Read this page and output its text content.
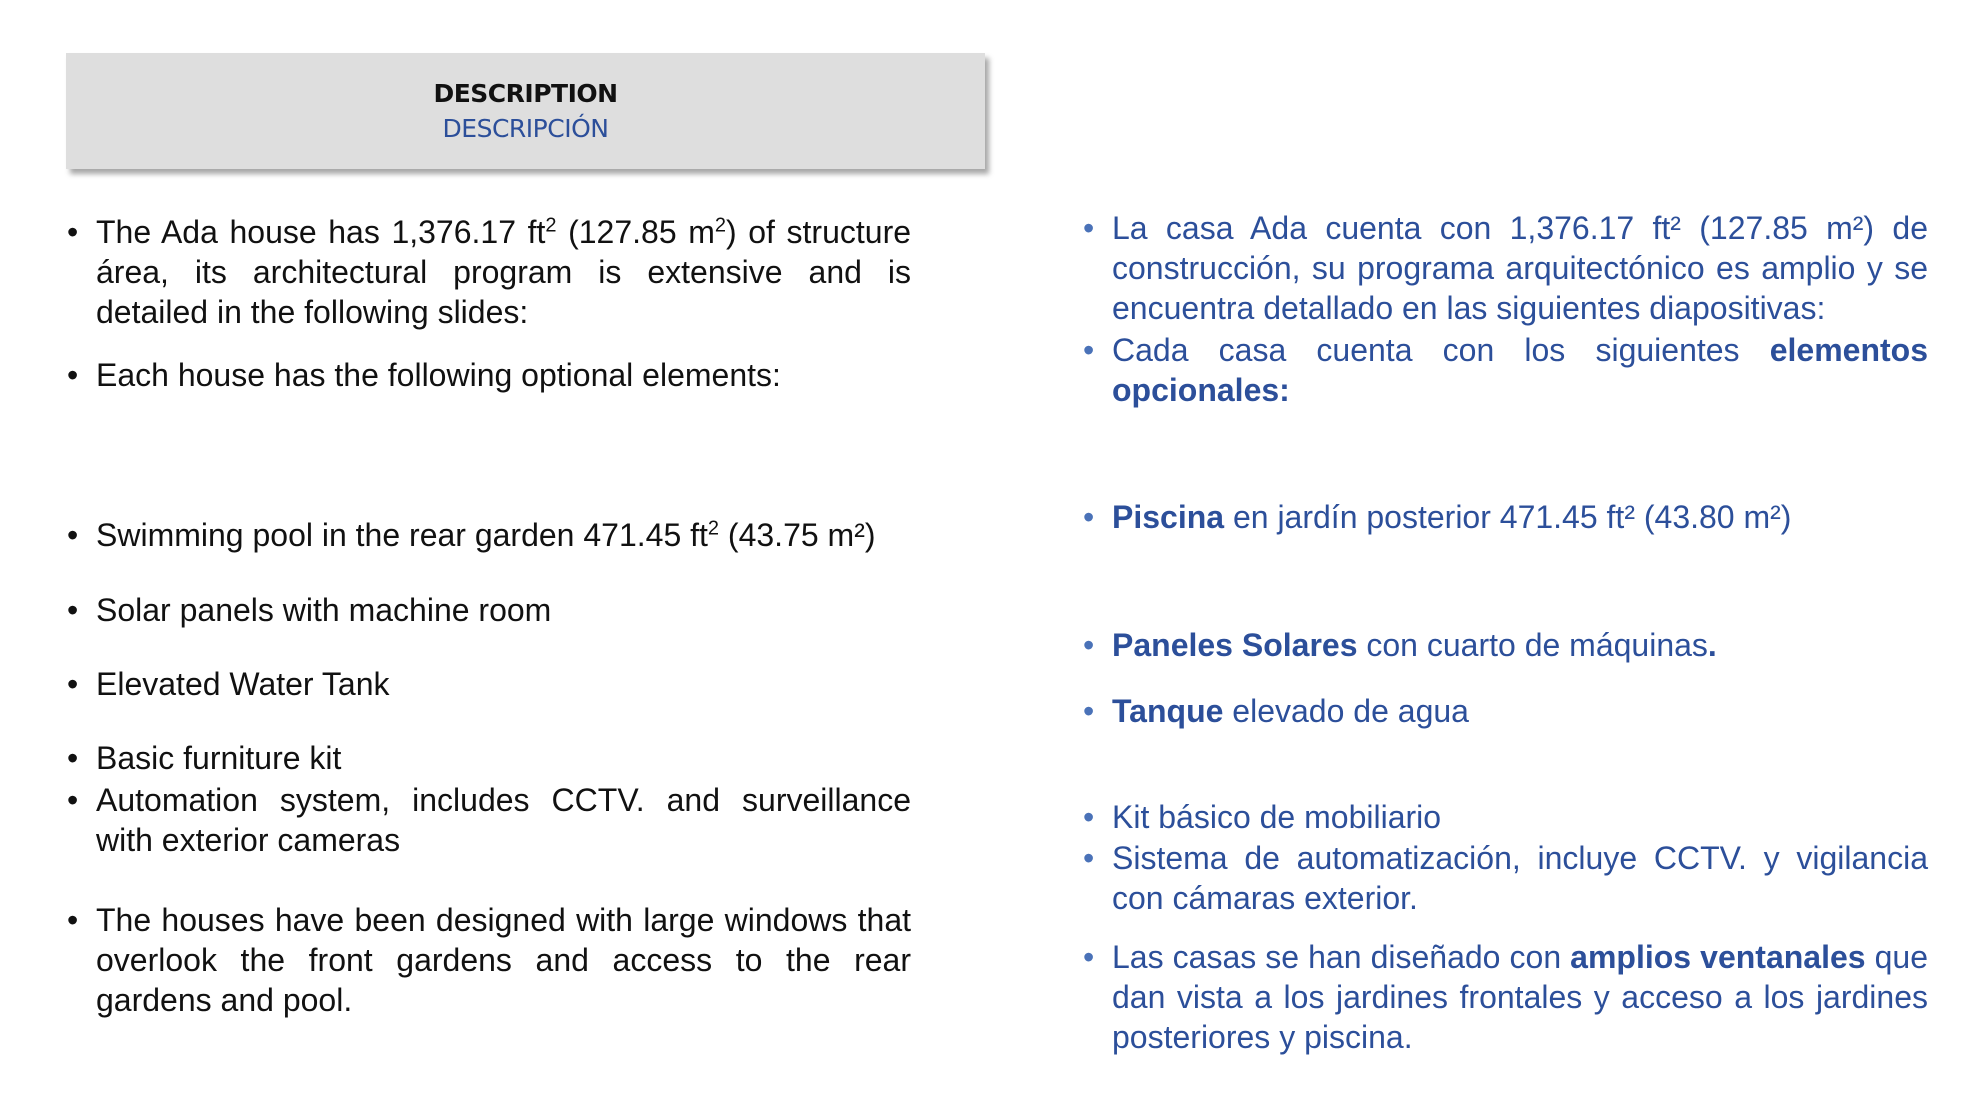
DESCRIPTION
DESCRIPCIÓN
• The Ada house has 1,376.17 $ft^2$ (127.85 $m^2$) of structure área, its architectural program is extensive and is detailed in the following slides:
• Each house has the following optional elements:
• Swimming pool in the rear garden 471.45 $ft^2$ (43.75 m²)
• Solar panels with machine room
• Elevated Water Tank
• Basic furniture kit
• Automation system, includes CCTV. and surveillance with exterior cameras
• The houses have been designed with large windows that overlook the front gardens and access to the rear gardens and pool.
• La casa Ada cuenta con 1,376.17 ft² (127.85 m²) de construcción, su programa arquitectónico es amplio y se encuentra detallado en las siguientes diapositivas:
• Cada casa cuenta con los siguientes elementos opcionales:
• Piscina en jardín posterior 471.45 ft² (43.80 m²)
• Paneles Solares con cuarto de máquinas.
• Tanque elevado de agua
• Kit básico de mobiliario
• Sistema de automatización, incluye CCTV. y vigilancia con cámaras exterior.
• Las casas se han diseñado con amplios ventanales que dan vista a los jardines frontales y acceso a los jardines posteriores y piscina.
